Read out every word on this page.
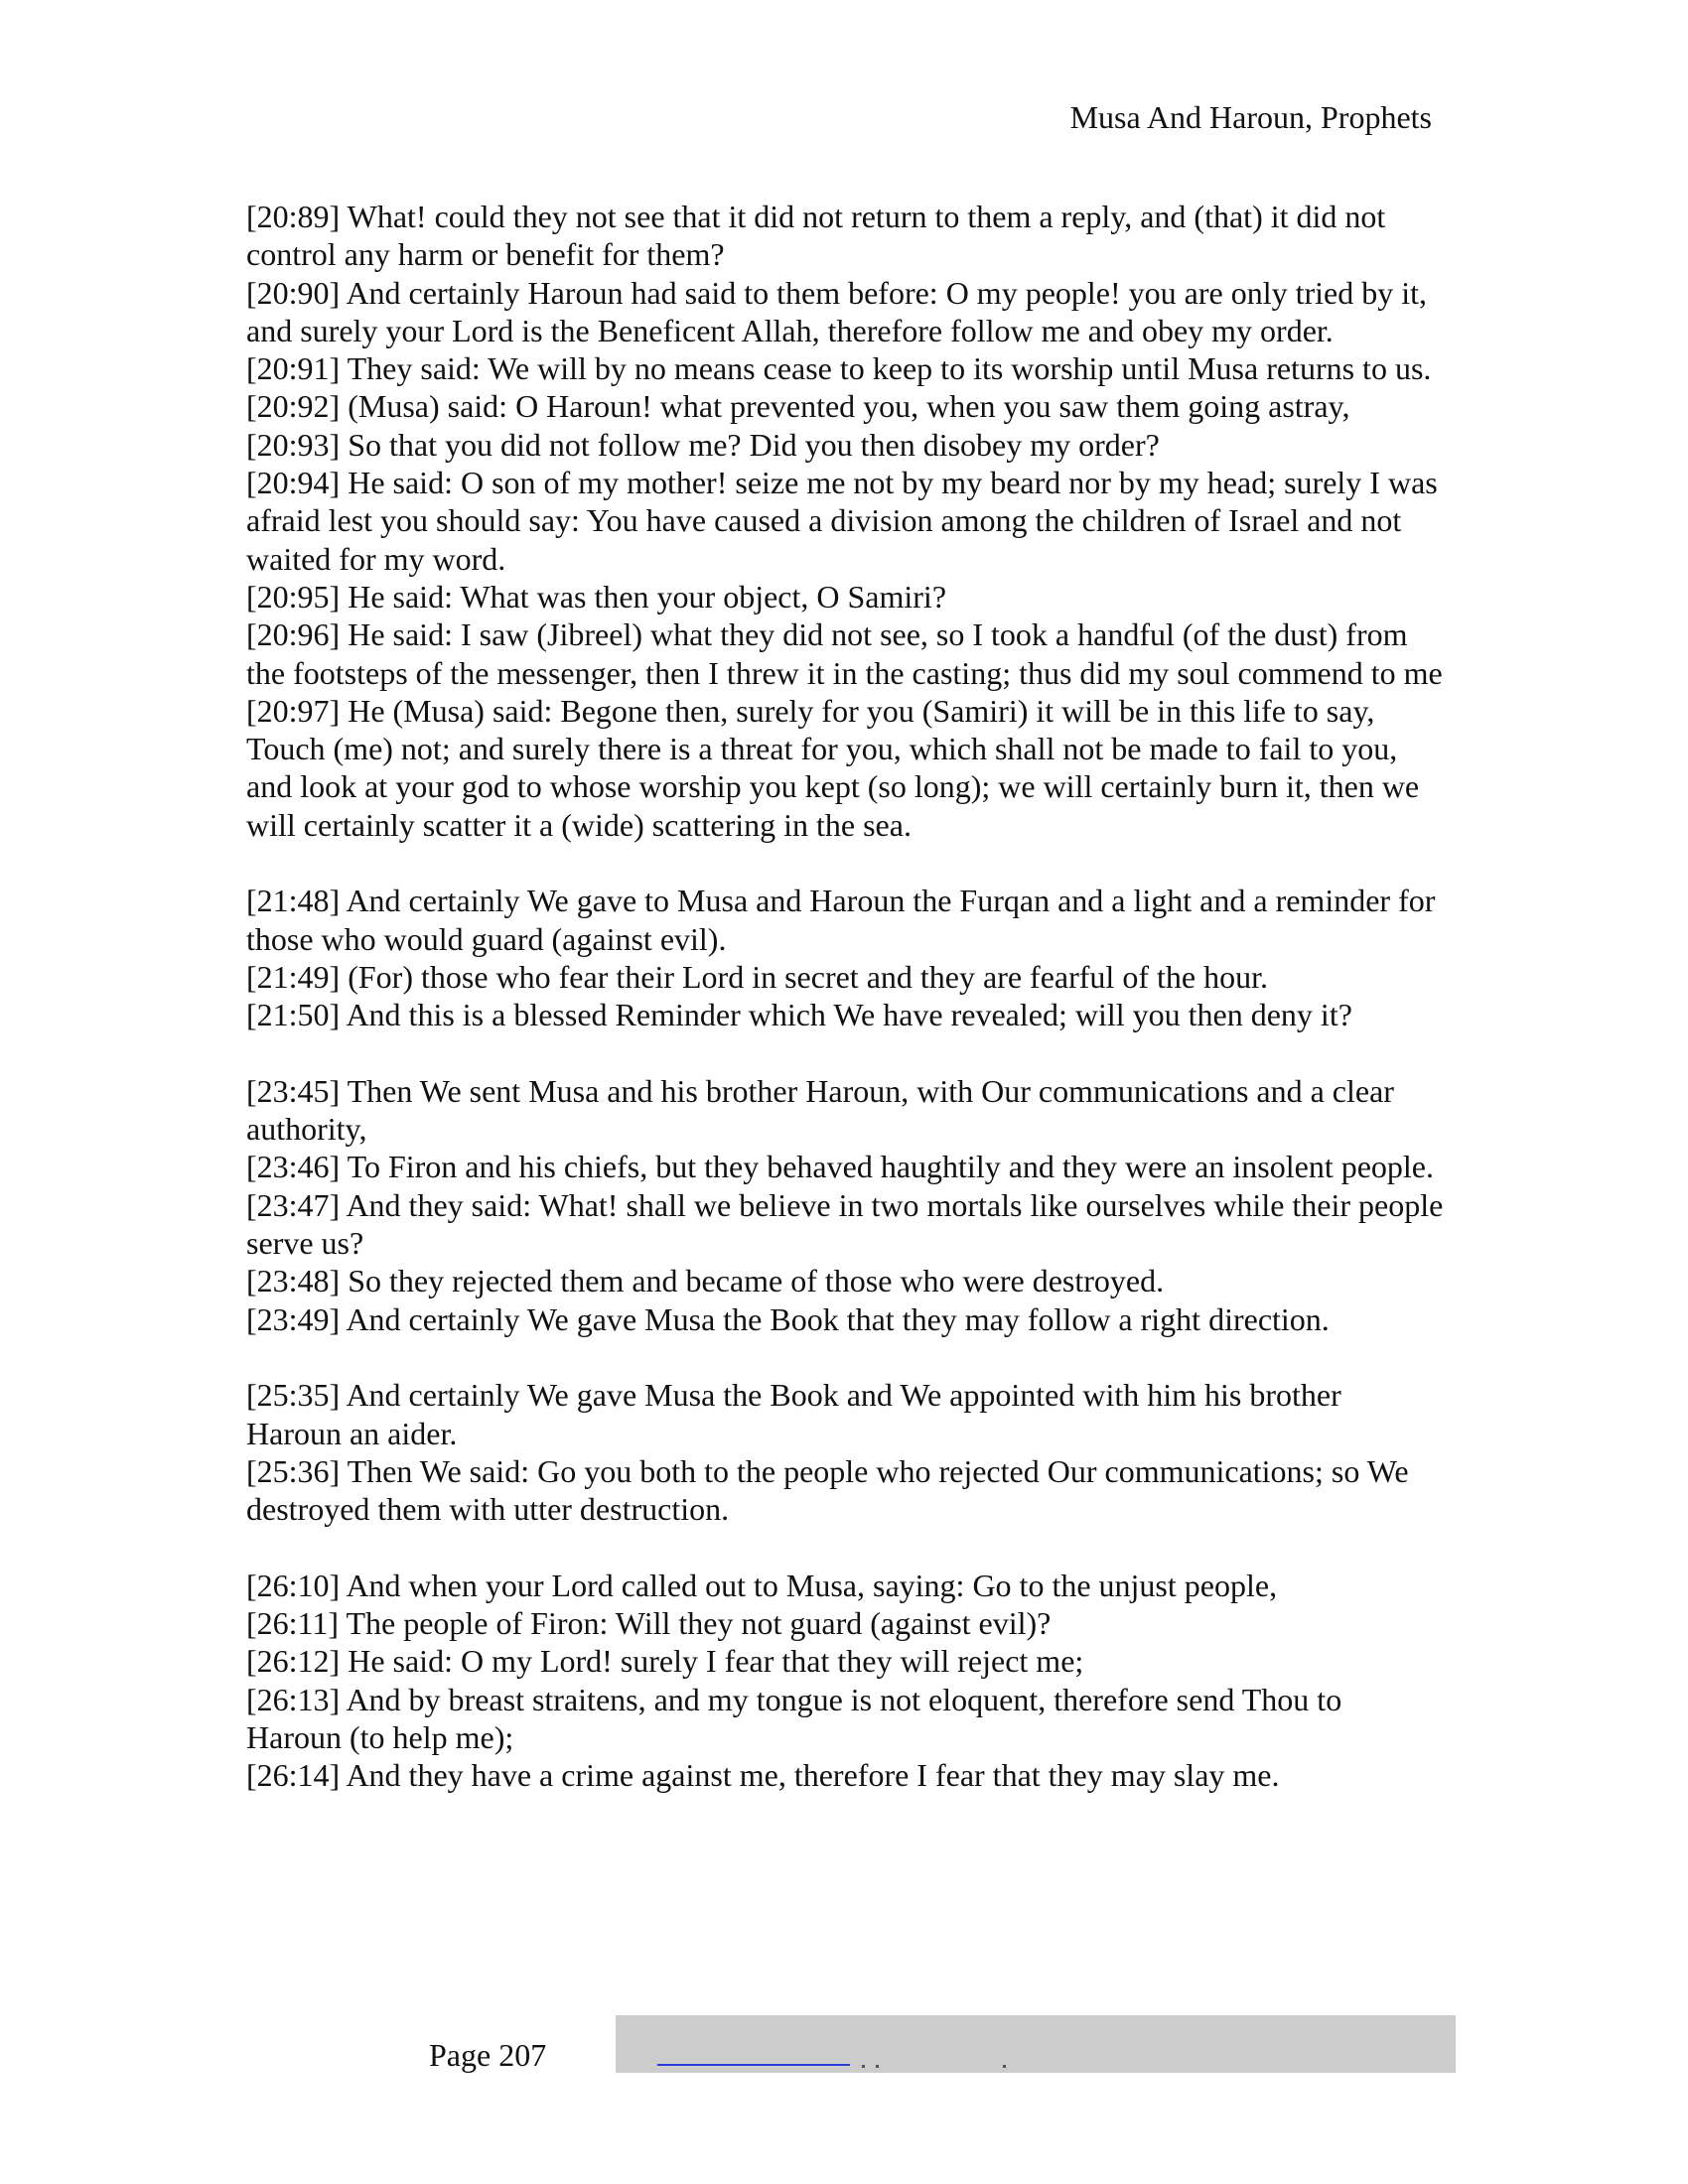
Musa And Haroun, Prophets

[20:89] What! could they not see that it did not return to them a reply, and (that) it did not control any harm or benefit for them?

[20:90] And certainly Haroun had said to them before: O my people! you are only tried by it, and surely your Lord is the Beneficent Allah, therefore follow me and obey my order.

[20:91] They said: We will by no means cease to keep to its worship until Musa returns to us.

[20:92] (Musa) said: O Haroun! what prevented you, when you saw them going astray,

[20:93] So that you did not follow me? Did you then disobey my order?

[20:94] He said: O son of my mother! seize me not by my beard nor by my head; surely I was afraid lest you should say: You have caused a division among the children of Israel and not waited for my word.

[20:95] He said: What was then your object, O Samiri?

[20:96] He said: I saw (Jibreel) what they did not see, so I took a handful (of the dust) from the footsteps of the messenger, then I threw it in the casting; thus did my soul commend to me

[20:97] He (Musa) said: Begone then, surely for you (Samiri) it will be in this life to say, Touch (me) not; and surely there is a threat for you, which shall not be made to fail to you, and look at your god to whose worship you kept (so long); we will certainly burn it, then we will certainly scatter it a (wide) scattering in the sea.

[21:48] And certainly We gave to Musa and Haroun the Furqan and a light and a reminder for those who would guard (against evil).

[21:49] (For) those who fear their Lord in secret and they are fearful of the hour.

[21:50] And this is a blessed Reminder which We have revealed; will you then deny it?

[23:45] Then We sent Musa and his brother Haroun, with Our communications and a clear authority,

[23:46] To Firon and his chiefs, but they behaved haughtily and they were an insolent people.

[23:47] And they said: What! shall we believe in two mortals like ourselves while their people serve us?

[23:48] So they rejected them and became of those who were destroyed.

[23:49] And certainly We gave Musa the Book that they may follow a right direction.

[25:35] And certainly We gave Musa the Book and We appointed with him his brother Haroun an aider.

[25:36] Then We said: Go you both to the people who rejected Our communications; so We destroyed them with utter destruction.

[26:10] And when your Lord called out to Musa, saying: Go to the unjust people,

[26:11] The people of Firon: Will they not guard (against evil)?

[26:12] He said: O my Lord! surely I fear that they will reject me;

[26:13] And by breast straitens, and my tongue is not eloquent, therefore send Thou to Haroun (to help me);

[26:14] And they have a crime against me, therefore I fear that they may slay me.

Page 207
